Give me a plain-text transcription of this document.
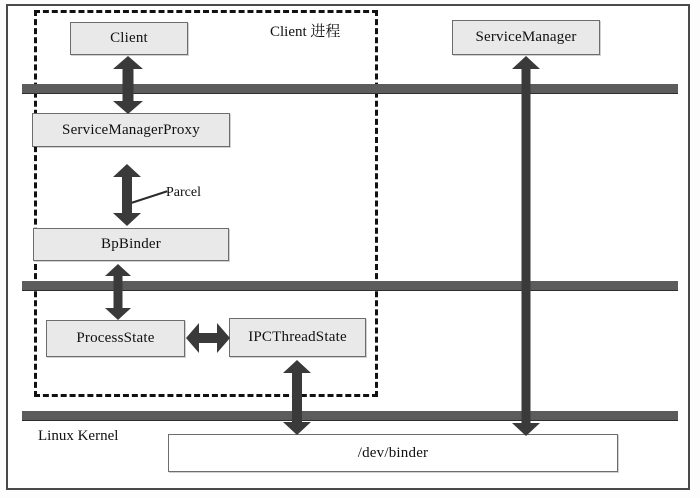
Client 进程
Linux Kernel
Parcel
Client
ServiceManagerProxy
BpBinder
ProcessState	IPCThreadState
ServiceManager
/dev/binder
